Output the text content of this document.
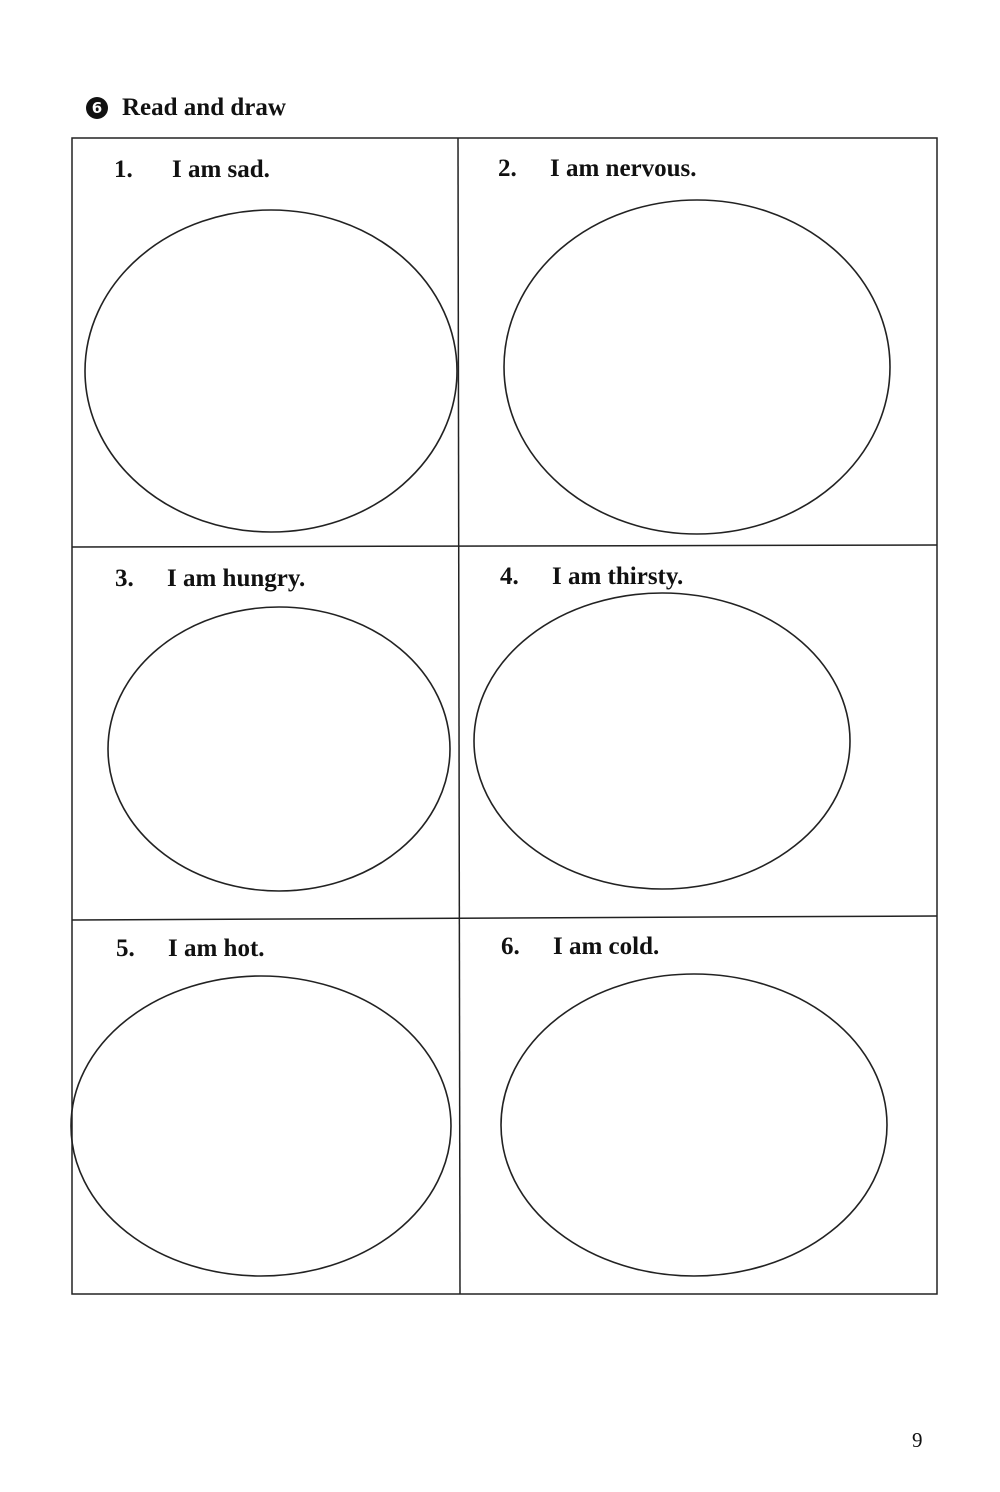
6 Read and draw
1. I am sad.	2. I am nervous.
3. I am hungry.	4. I am thirsty.
5. I am hot.	6. I am cold.
9
